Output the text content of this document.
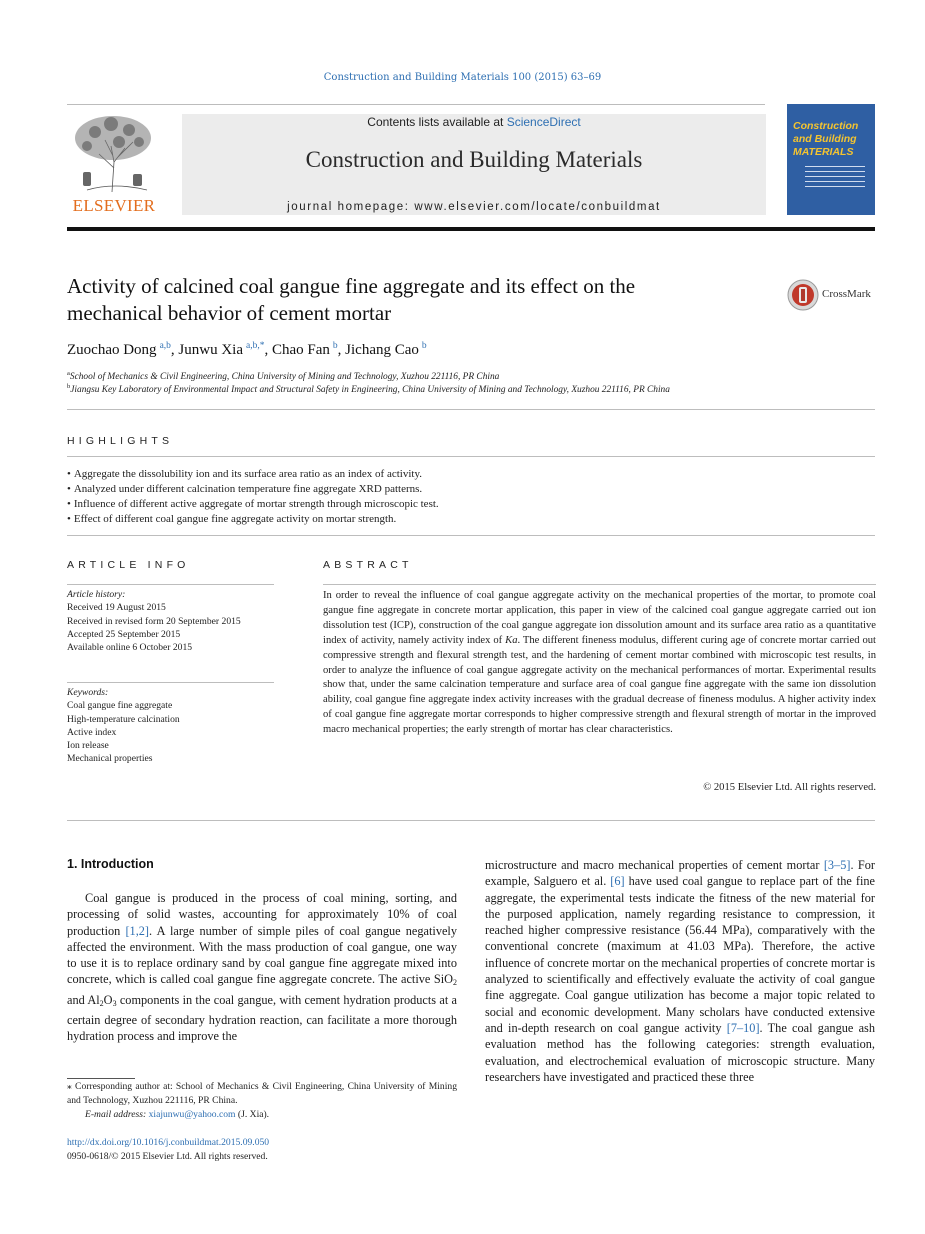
Construction and Building Materials 100 (2015) 63–69
ELSEVIER
Contents lists available at ScienceDirect
Construction and Building Materials
journal homepage: www.elsevier.com/locate/conbuildmat
Construction and Building MATERIALS
Activity of calcined coal gangue fine aggregate and its effect on the mechanical behavior of cement mortar
CrossMark
Zuochao Dong  $^{a,b}$, Junwu Xia  $^{a,b,*}$, Chao Fan  $^b$, Jichang Cao  $^b$
$^a$School of Mechanics & Civil Engineering, China University of Mining and Technology, Xuzhou 221116, PR China
$^b$Jiangsu Key Laboratory of Environmental Impact and Structural Safety in Engineering, China University of Mining and Technology, Xuzhou 221116, PR China
HIGHLIGHTS
• Aggregate the dissolubility ion and its surface area ratio as an index of activity.
• Analyzed under different calcination temperature fine aggregate XRD patterns.
• Influence of different active aggregate of mortar strength through microscopic test.
• Effect of different coal gangue fine aggregate activity on mortar strength.
ARTICLE INFO
Article history:
Received 19 August 2015
Received in revised form 20 September 2015
Accepted 25 September 2015
Available online 6 October 2015
Keywords:
Coal gangue fine aggregate
High-temperature calcination
Active index
Ion release
Mechanical properties
ABSTRACT
In order to reveal the influence of coal gangue aggregate activity on the mechanical properties of the mortar, to promote coal gangue fine aggregate in concrete mortar application, this paper in view of the calcined coal gangue aggregate carried out ion dissolution test (ICP), construction of the coal gangue aggregate ion dissolution amount and its surface area ratio as a quantitative index of activity, namely activity index of Ka. The different fineness modulus, different curing age of concrete mortar carried out compressive strength and flexural strength test, and the hardening of cement mortar combined with microscopic test results, in order to analyze the influence of coal gangue aggregate activity on the mechanical performances of mortar. Experimental results show that, under the same calcination temperature and surface area of coal gangue fine aggregate with the same ion dissolution ability, coal gangue fine aggregate index activity increases with the gradual decrease of fineness modulus. A higher activity index of coal gangue fine aggregate mortar corresponds to higher compressive strength and flexural strength of mortar in the improved macro mechanical properties; the early strength of mortar has clear characteristics.
© 2015 Elsevier Ltd. All rights reserved.
1. Introduction

Coal gangue is produced in the process of coal mining, sorting, and processing of solid wastes, accounting for approximately 10% of coal production [1,2]. A large number of simple piles of coal gangue negatively affected the environment. With the mass production of coal gangue, one way to use it is to replace ordinary sand by coal gangue fine aggregate mixed into concrete, which is called coal gangue fine aggregate concrete. The active SiO$_2$ and $Al_2O_3$ components in the coal gangue, with cement hydration products at a certain degree of secondary hydration reaction, can facilitate a more thorough hydration process and improve the

microstructure and macro mechanical properties of cement mortar [3–5]. For example, Salguero et al. [6] have used coal gangue to replace part of the fine aggregate, the experimental tests indicate the fitness of the new material for the purposed application, namely regarding resistance to compression, it reached higher compressive resistance (56.44 MPa), comparatively with the conventional concrete (maximum at 41.03 MPa). Therefore, the active influence of concrete mortar on the mechanical properties of concrete mortar is analyzed to scientifically and effectively evaluate the activity of coal gangue fine aggregate. Coal gangue utilization has become a major topic related to social and economic development. Many scholars have conducted extensive and in-depth research on coal gangue activity [7–10]. The coal gangue ash evaluation method has the following categories: strength evaluation, evaluation, and electrochemical evaluation of microscopic structure. Many researchers have investigated and practiced these three
⁎ Corresponding author at: School of Mechanics & Civil Engineering, China University of Mining and Technology, Xuzhou 221116, PR China.
E-mail address: xiajunwu@yahoo.com (J. Xia).
http://dx.doi.org/10.1016/j.conbuildmat.2015.09.050
0950-0618/© 2015 Elsevier Ltd. All rights reserved.
